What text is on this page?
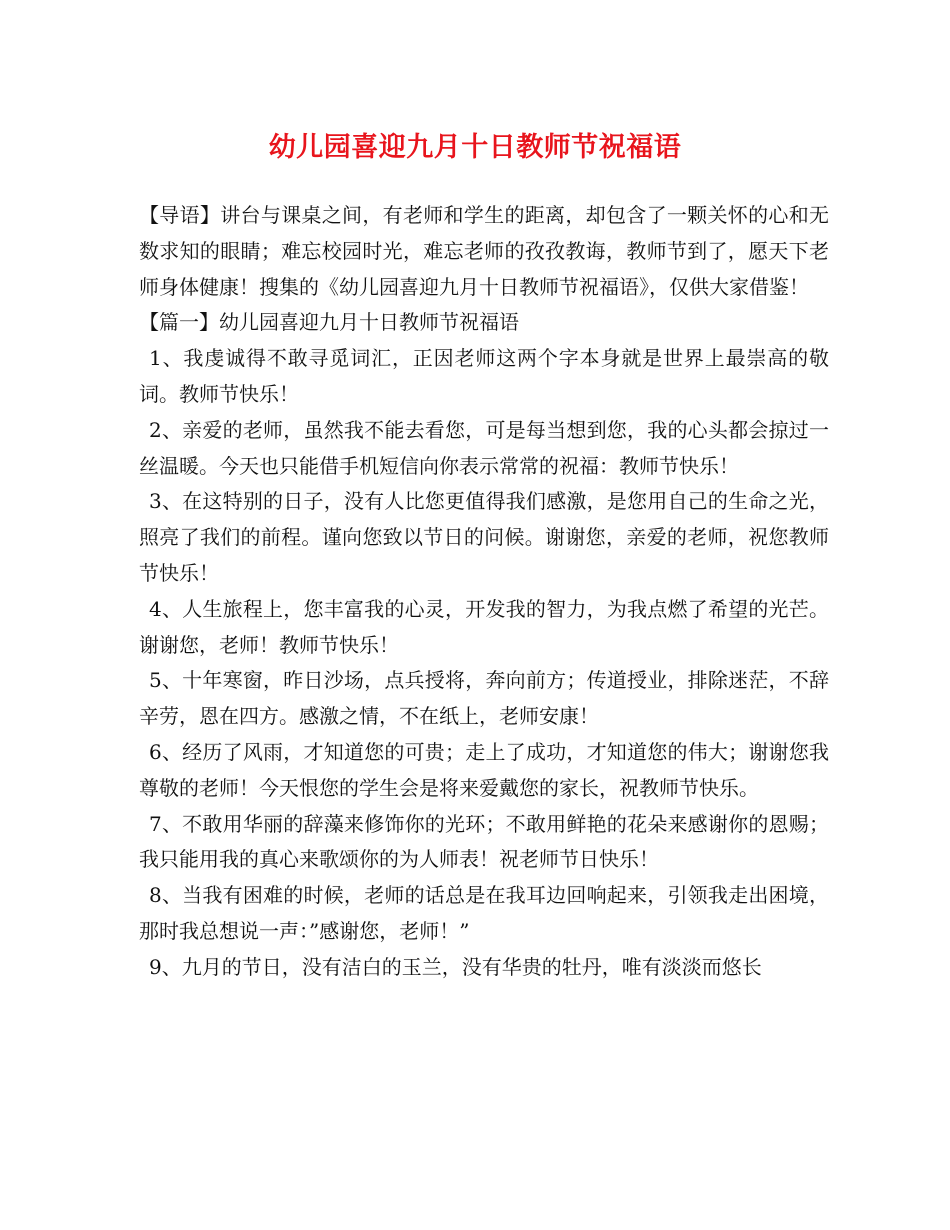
幼儿园喜迎九月十日教师节祝福语

【导语】讲台与课桌之间，有老师和学生的距离，却包含了一颗关怀的心和无数求知的眼睛；难忘校园时光，难忘老师的孜孜教诲，教师节到了，愿天下老师身体健康！搜集的《幼儿园喜迎九月十日教师节祝福语》，仅供大家借鉴！

【篇一】幼儿园喜迎九月十日教师节祝福语

1、我虔诚得不敢寻觅词汇，正因老师这两个字本身就是世界上最崇高的敬词。教师节快乐！

2、亲爱的老师，虽然我不能去看您，可是每当想到您，我的心头都会掠过一丝温暖。今天也只能借手机短信向你表示常常的祝福：教师节快乐！

3、在这特别的日子，没有人比您更值得我们感激，是您用自己的生命之光，照亮了我们的前程。谨向您致以节日的问候。谢谢您，亲爱的老师，祝您教师节快乐！

4、人生旅程上，您丰富我的心灵，开发我的智力，为我点燃了希望的光芒。谢谢您，老师！教师节快乐！

5、十年寒窗，昨日沙场，点兵授将，奔向前方；传道授业，排除迷茫，不辞辛劳，恩在四方。感激之情，不在纸上，老师安康！

6、经历了风雨，才知道您的可贵；走上了成功，才知道您的伟大；谢谢您我尊敬的老师！今天恨您的学生会是将来爱戴您的家长，祝教师节快乐。

7、不敢用华丽的辞藻来修饰你的光环；不敢用鲜艳的花朵来感谢你的恩赐；我只能用我的真心来歌颂你的为人师表！祝老师节日快乐！

8、当我有困难的时候，老师的话总是在我耳边回响起来，引领我走出困境，那时我总想说一声：”感谢您，老师！”

9、九月的节日，没有洁白的玉兰，没有华贵的牡丹，唯有淡淡而悠长
